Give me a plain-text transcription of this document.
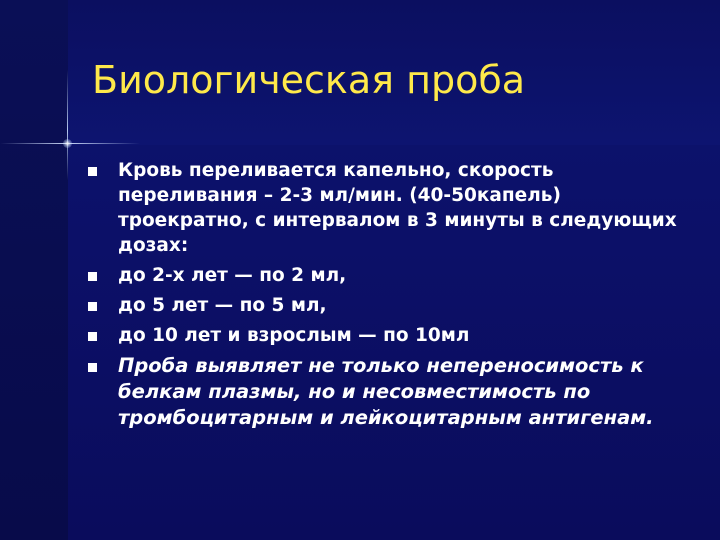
Биологическая проба
Кровь переливается капельно, скорость переливания – 2-3 мл/мин. (40-50капель) троекратно, с интервалом в 3 минуты в следующих дозах:
до 2-х лет — по 2 мл,
до 5 лет — по 5 мл,
до 10 лет и взрослым — по 10мл
Проба выявляет не только непереносимость к белкам плазмы, но и несовместимость по тромбоцитарным и лейкоцитарным антигенам.
